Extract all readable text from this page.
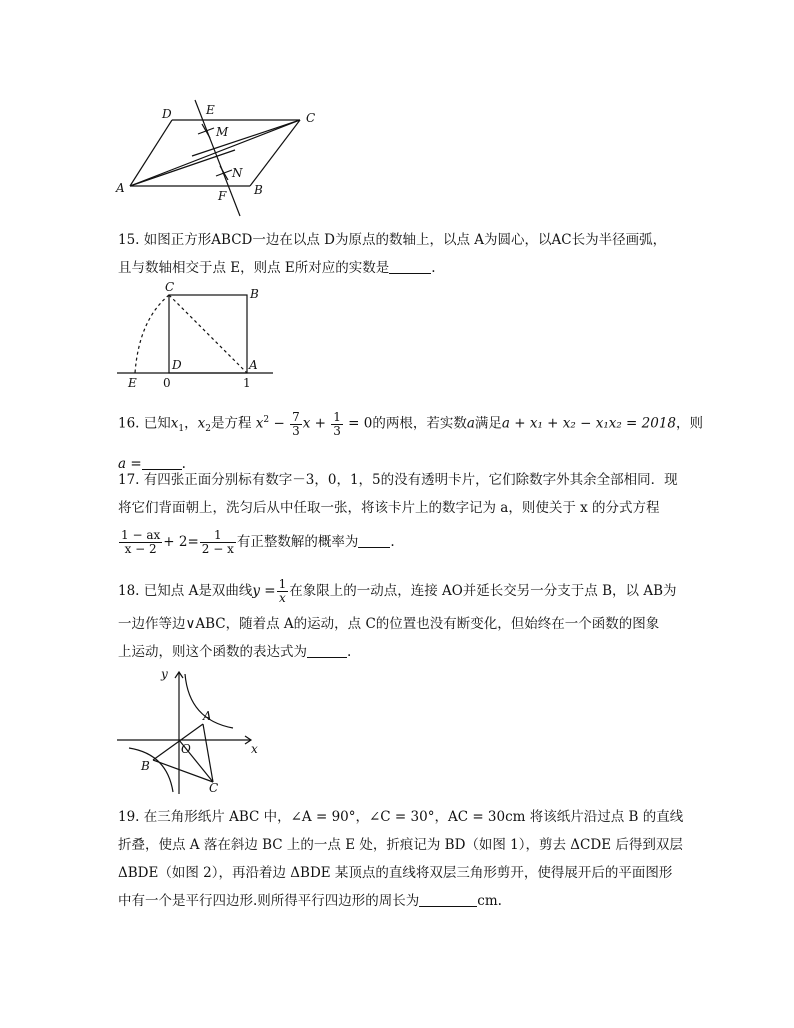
D	E
C
M
A
N
F B
15. 如图正方形ABCD一边在以点 D为原点的数轴上，以点 A为圆心，以AC长为半径画弧，
且与数轴相交于点 E，则点 E所对应的实数是	.
C	B
D	A
E 0	1
16. 已知$x_1$，$x_2$是方程 $x^2 - \frac{7}{3}$ $x + \frac{1}{3} = 0$的两根，若实数a满足a + x₁ + x₂ − x₁x₂ = 2018，则
a =	.
17. 有四张正面分别标有数字－3，0，1，5的没有透明卡片，它们除数字外其余全部相同．现
将它们背面朝上，洗匀后从中任取一张，将该卡片上的数字记为 a，则使关于 x 的分式方程
$\frac{1 - ax}{x - 2} + 2= \frac{1}{2 - x}$ 有正整数解的概率为 .
18. 已知点 A是双曲线$y = \frac{1}{x}$ 在象限上的一动点，连接 AO并延长交另一分支于点 B，以 AB为
一边作等边∨ABC，随着点 A的运动，点 C的位置也没有断变化，但始终在一个函数的图象
上运动，则这个函数的表达式为	.
y
x
A
O
B
C
19. 在三角形纸片 ABC 中，∠A = 90°，∠C = 30°，AC = 30cm 将该纸片沿过点 B 的直线
折叠，使点 A 落在斜边 BC 上的一点 E 处，折痕记为 BD（如图 1），剪去 ΔCDE 后得到双层
ΔBDE（如图 2），再沿着边 ΔBDE 某顶点的直线将双层三角形剪开，使得展开后的平面图形
中有一个是平行四边形.则所得平行四边形的周长为	cm.
